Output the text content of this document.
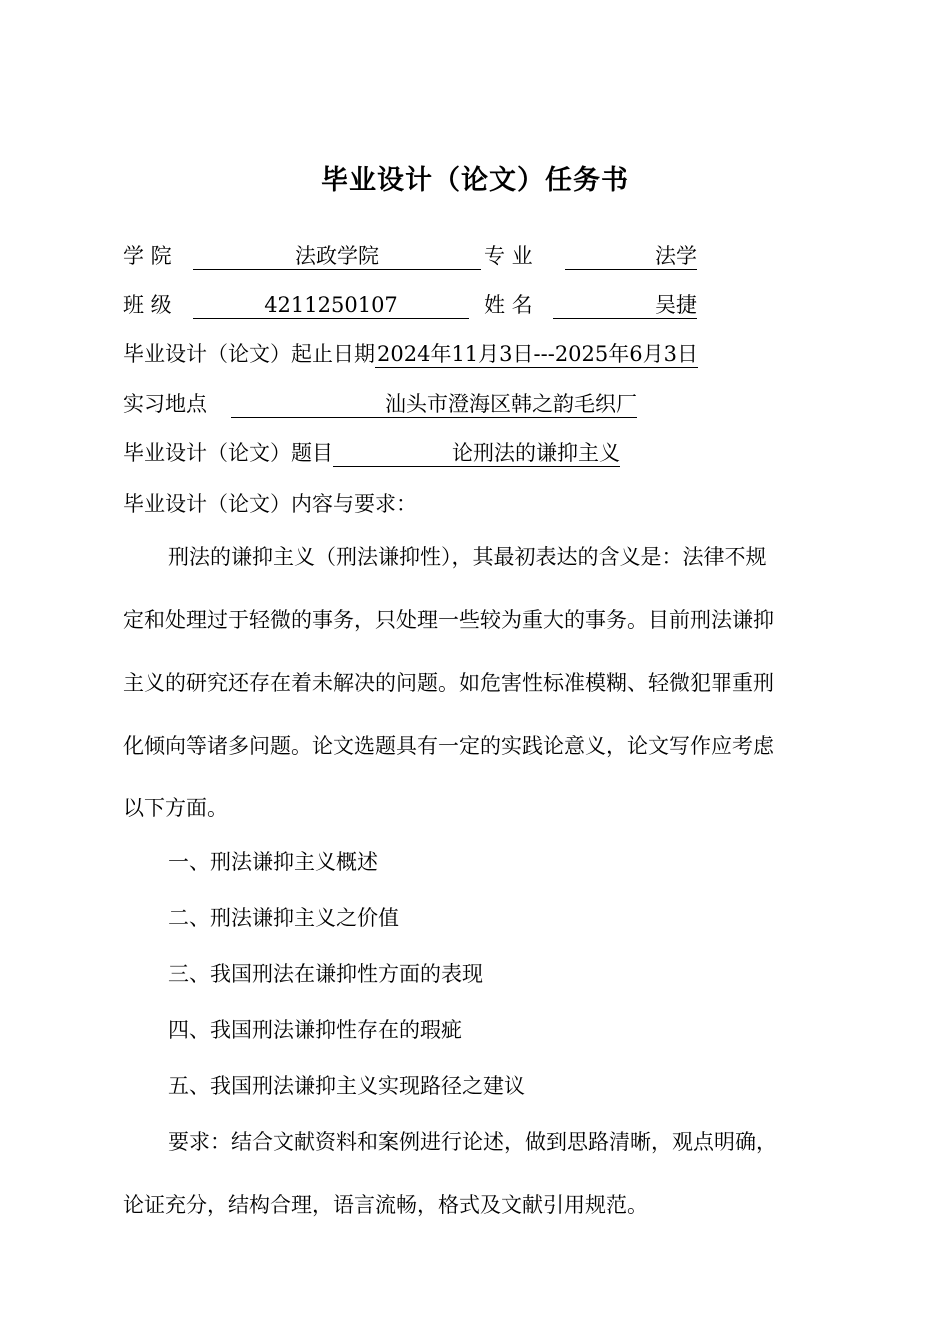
毕业设计（论文）任务书
学 院	法政学院	专 业	法学
班 级	4211250107	姓 名	吴捷
毕业设计（论文）起止日期2024年11月3日---2025年6月3日
实习地点	汕头市澄海区韩之韵毛织厂
毕业设计（论文）题目	论刑法的谦抑主义
毕业设计（论文）内容与要求：
刑法的谦抑主义（刑法谦抑性），其最初表达的含义是：法律不规
定和处理过于轻微的事务，只处理一些较为重大的事务。目前刑法谦抑
主义的研究还存在着未解决的问题。如危害性标准模糊、轻微犯罪重刑
化倾向等诸多问题。论文选题具有一定的实践论意义，论文写作应考虑
以下方面。
一、刑法谦抑主义概述
二、刑法谦抑主义之价值
三、我国刑法在谦抑性方面的表现
四、我国刑法谦抑性存在的瑕疵
五、我国刑法谦抑主义实现路径之建议
要求：结合文献资料和案例进行论述，做到思路清晰，观点明确，
论证充分，结构合理，语言流畅，格式及文献引用规范。
